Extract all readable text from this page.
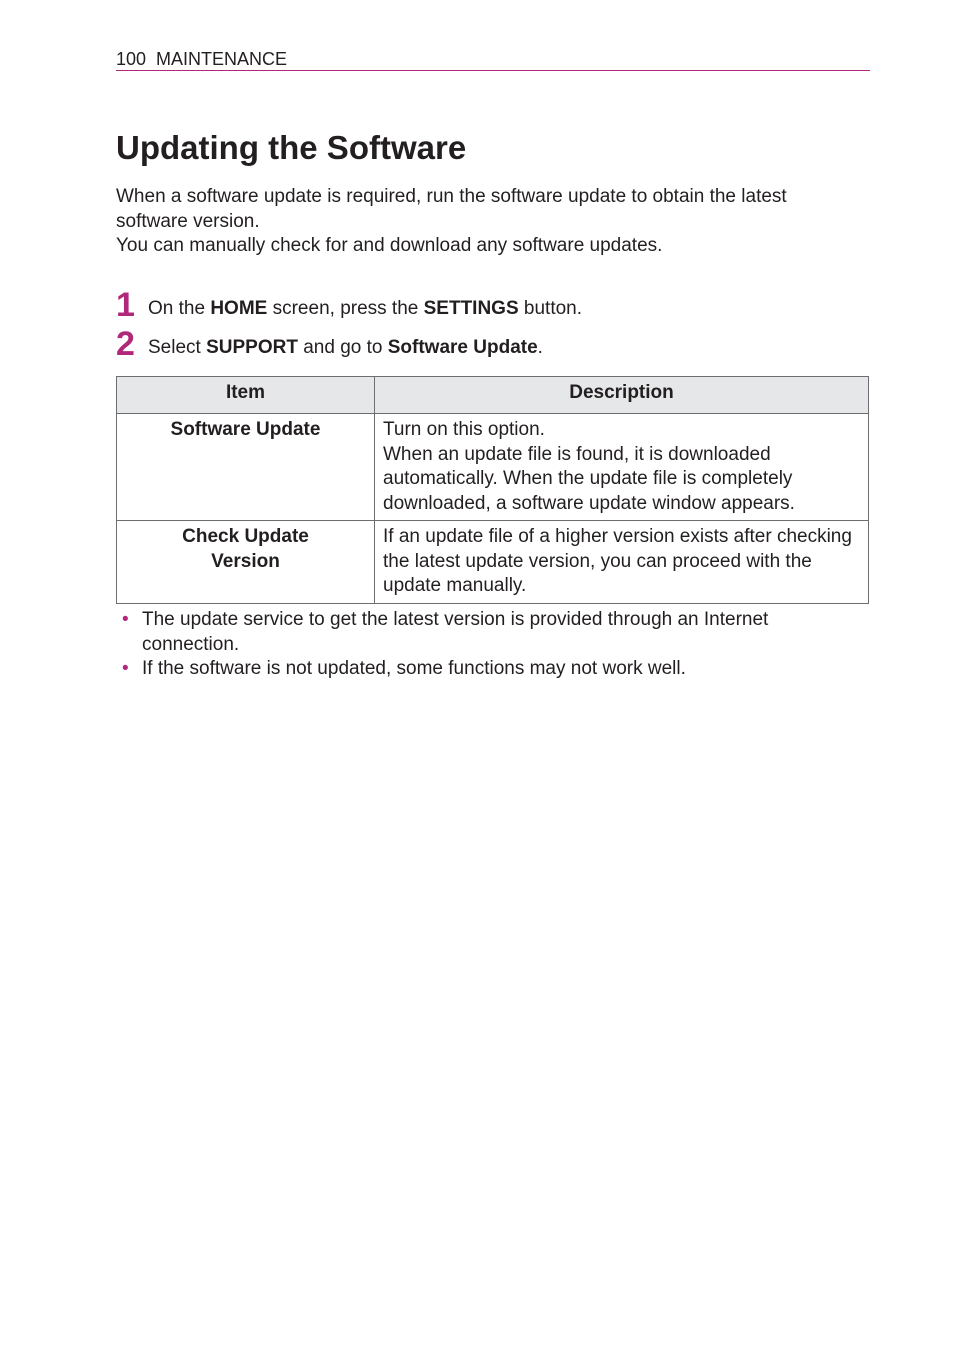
100 MAINTENANCE
Updating the Software

When a software update is required, run the software update to obtain the latest software version.

You can manually check for and download any software updates.

1 On the HOME screen, press the SETTINGS button.
2 Select SUPPORT and go to Software Update.
Item	Description
Software Update	Turn on this option.
When an update file is found, it is downloaded automatically. When the update file is completely downloaded, a software update window appears.

Check Update Version	If an update file of a higher version exists after checking the latest update version, you can proceed with the update manually.
• The update service to get the latest version is provided through an Internet connection.
• If the software is not updated, some functions may not work well.
